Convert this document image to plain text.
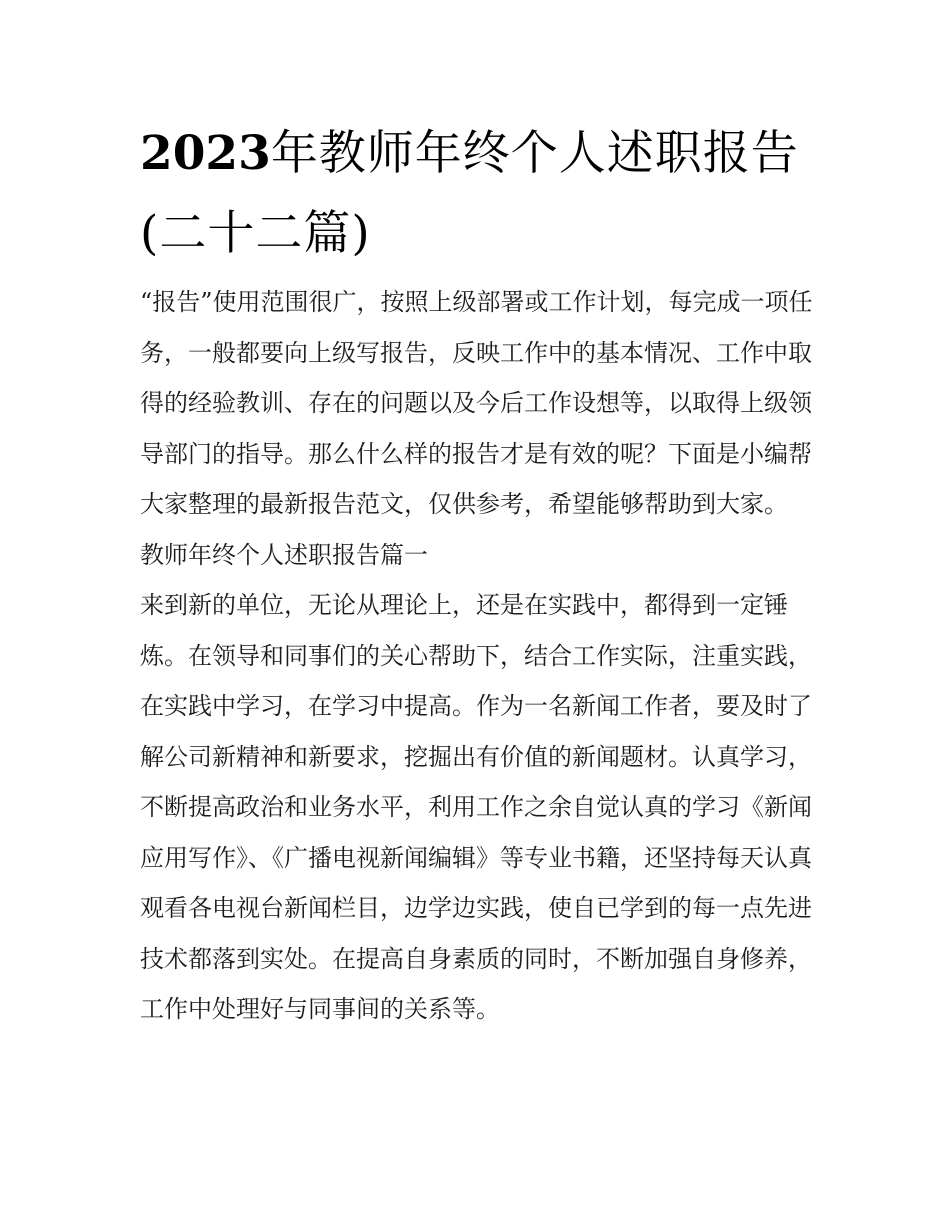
2023年教师年终个人述职报告(二十二篇)

“报告”使用范围很广，按照上级部署或工作计划，每完成一项任务，一般都要向上级写报告，反映工作中的基本情况、工作中取得的经验教训、存在的问题以及今后工作设想等，以取得上级领导部门的指导。那么什么样的报告才是有效的呢？下面是小编帮大家整理的最新报告范文，仅供参考，希望能够帮助到大家。

教师年终个人述职报告篇一

来到新的单位，无论从理论上，还是在实践中，都得到一定锤炼。在领导和同事们的关心帮助下，结合工作实际，注重实践，在实践中学习，在学习中提高。作为一名新闻工作者，要及时了解公司新精神和新要求，挖掘出有价值的新闻题材。认真学习，不断提高政治和业务水平，利用工作之余自觉认真的学习《新闻应用写作》、《广播电视新闻编辑》等专业书籍，还坚持每天认真观看各电视台新闻栏目，边学边实践，使自已学到的每一点先进技术都落到实处。在提高自身素质的同时，不断加强自身修养，工作中处理好与同事间的关系等。
